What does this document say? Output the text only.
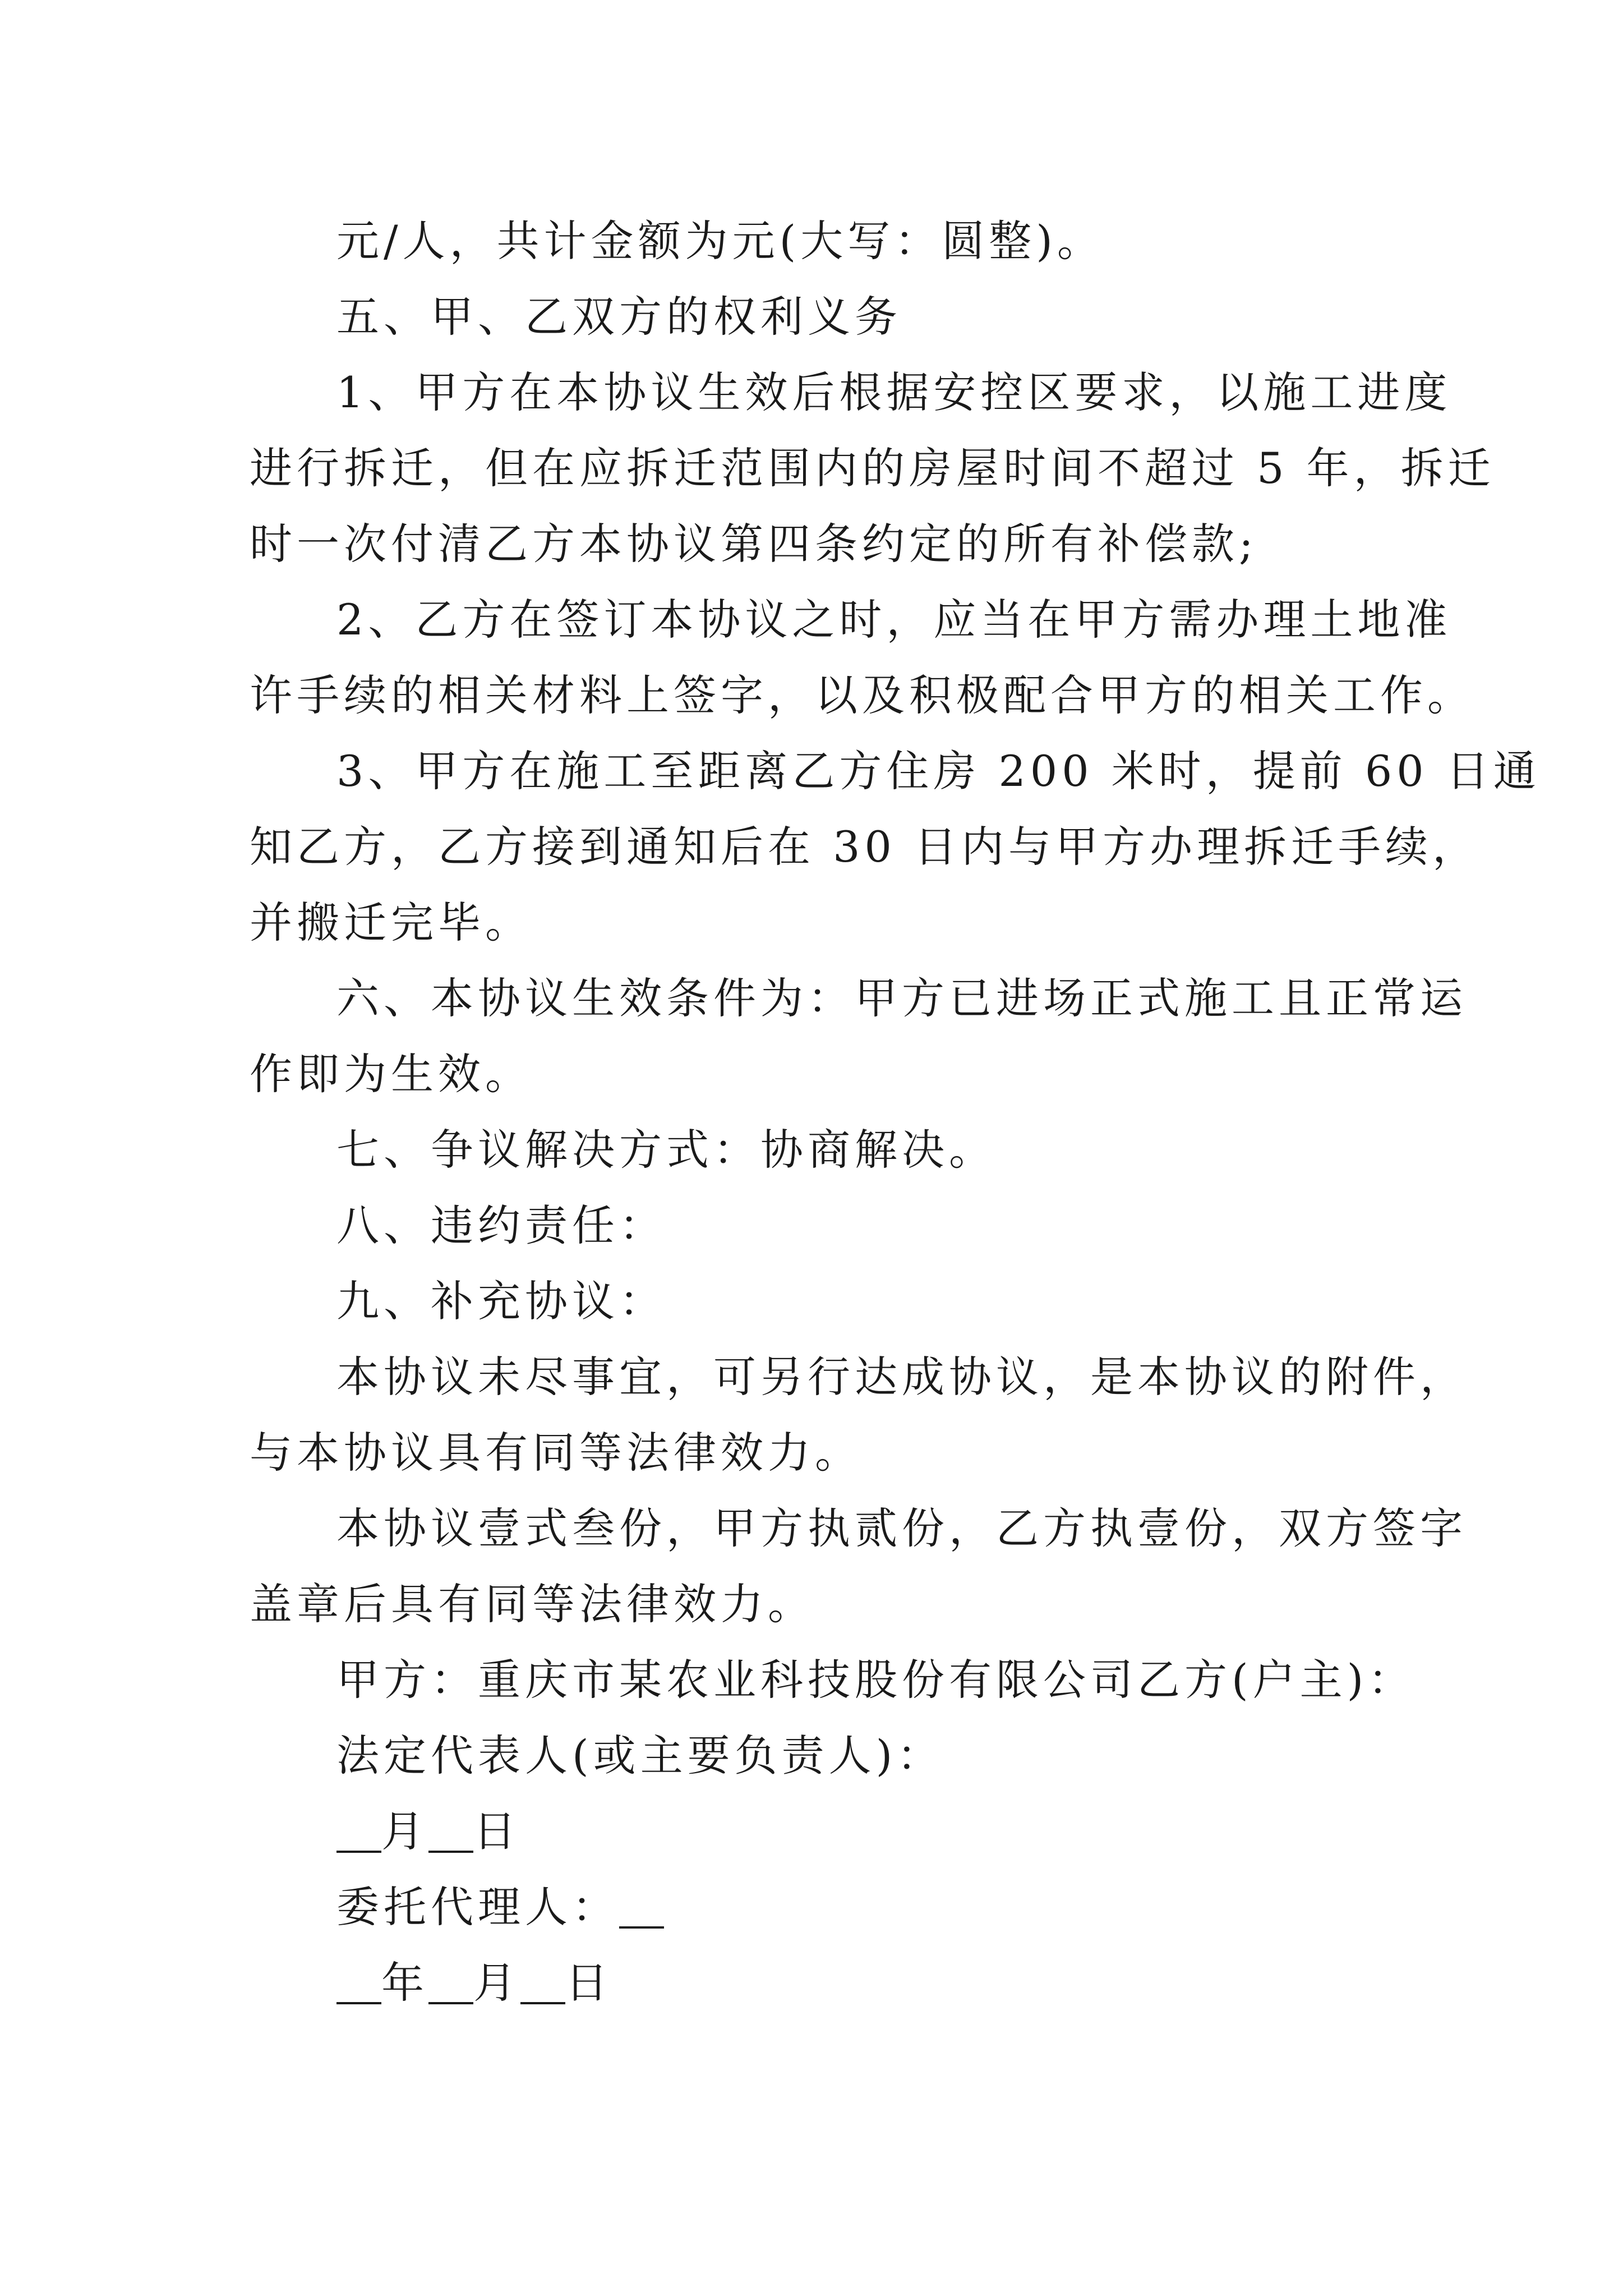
元/人，共计金额为元(大写：圆整)。
五、甲、乙双方的权利义务
1、甲方在本协议生效后根据安控区要求，以施工进度
进行拆迁，但在应拆迁范围内的房屋时间不超过 5 年，拆迁
时一次付清乙方本协议第四条约定的所有补偿款;
2、乙方在签订本协议之时，应当在甲方需办理土地准
许手续的相关材料上签字，以及积极配合甲方的相关工作。
3、甲方在施工至距离乙方住房 200 米时，提前 60 日通
知乙方，乙方接到通知后在 30 日内与甲方办理拆迁手续，
并搬迁完毕。
六、本协议生效条件为：甲方已进场正式施工且正常运
作即为生效。
七、争议解决方式：协商解决。
八、违约责任：
九、补充协议：
本协议未尽事宜，可另行达成协议，是本协议的附件，
与本协议具有同等法律效力。
本协议壹式叁份，甲方执贰份，乙方执壹份，双方签字
盖章后具有同等法律效力。
甲方：重庆市某农业科技股份有限公司乙方(户主)：
法定代表人(或主要负责人)：
月 日
委托代理人：
年 月 日
